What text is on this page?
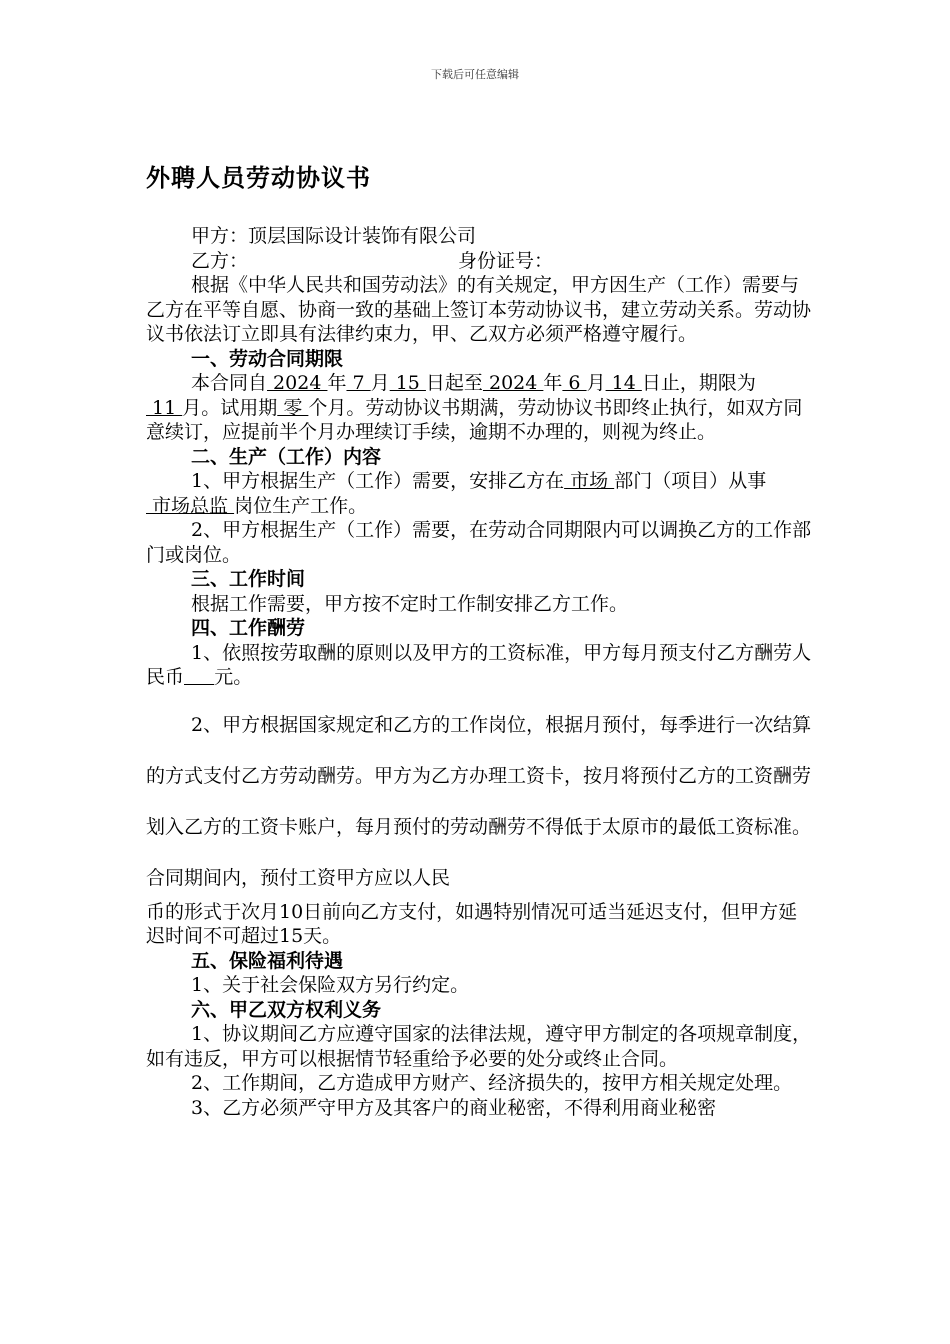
下载后可任意编辑
外聘人员劳动协议书

甲方：顶层国际设计装饰有限公司

乙方：	身份证号：

根据《中华人民共和国劳动法》的有关规定，甲方因生产（工作）需要与乙方在平等自愿、协商一致的基础上签订本劳动协议书，建立劳动关系。劳动协议书依法订立即具有法律约束力，甲、乙双方必须严格遵守履行。

一、劳动合同期限

本合同自 2024 年 7 月 15 日起至 2024 年 6 月 14 日止，期限为 11 月。试用期 零 个月。劳动协议书期满，劳动协议书即终止执行，如双方同意续订，应提前半个月办理续订手续，逾期不办理的，则视为终止。

二、生产（工作）内容

1、甲方根据生产（工作）需要，安排乙方在 市场 部门（项目）从事 市场总监 岗位生产工作。

2、甲方根据生产（工作）需要，在劳动合同期限内可以调换乙方的工作部门或岗位。

三、工作时间

根据工作需要，甲方按不定时工作制安排乙方工作。

四、工作酬劳

1、依照按劳取酬的原则以及甲方的工资标准，甲方每月预支付乙方酬劳人民币 元。

2、甲方根据国家规定和乙方的工作岗位，根据月预付，每季进行一次结算的方式支付乙方劳动酬劳。甲方为乙方办理工资卡，按月将预付乙方的工资酬劳划入乙方的工资卡账户，每月预付的劳动酬劳不得低于太原市的最低工资标准。合同期间内，预付工资甲方应以人民

币的形式于次月10日前向乙方支付，如遇特别情况可适当延迟支付，但甲方延迟时间不可超过15天。

五、保险福利待遇

1、关于社会保险双方另行约定。

六、甲乙双方权利义务

1、协议期间乙方应遵守国家的法律法规，遵守甲方制定的各项规章制度，如有违反，甲方可以根据情节轻重给予必要的处分或终止合同。

2、工作期间，乙方造成甲方财产、经济损失的，按甲方相关规定处理。

3、乙方必须严守甲方及其客户的商业秘密，不得利用商业秘密
